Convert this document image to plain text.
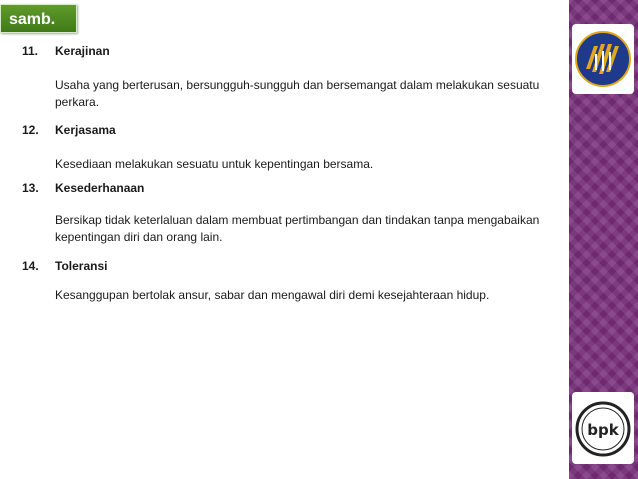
samb.
11. Kerajinan
Usaha yang berterusan, bersungguh-sungguh dan bersemangat dalam melakukan sesuatu
perkara.
12. Kerjasama
Kesediaan melakukan sesuatu untuk kepentingan bersama.
13. Kesederhanaan
Bersikap tidak keterlaluan dalam membuat pertimbangan dan tindakan tanpa mengabaikan
kepentingan diri dan orang lain.
14. Toleransi
Kesanggupan bertolak ansur, sabar dan mengawal diri demi kesejahteraan hidup.
bpk
